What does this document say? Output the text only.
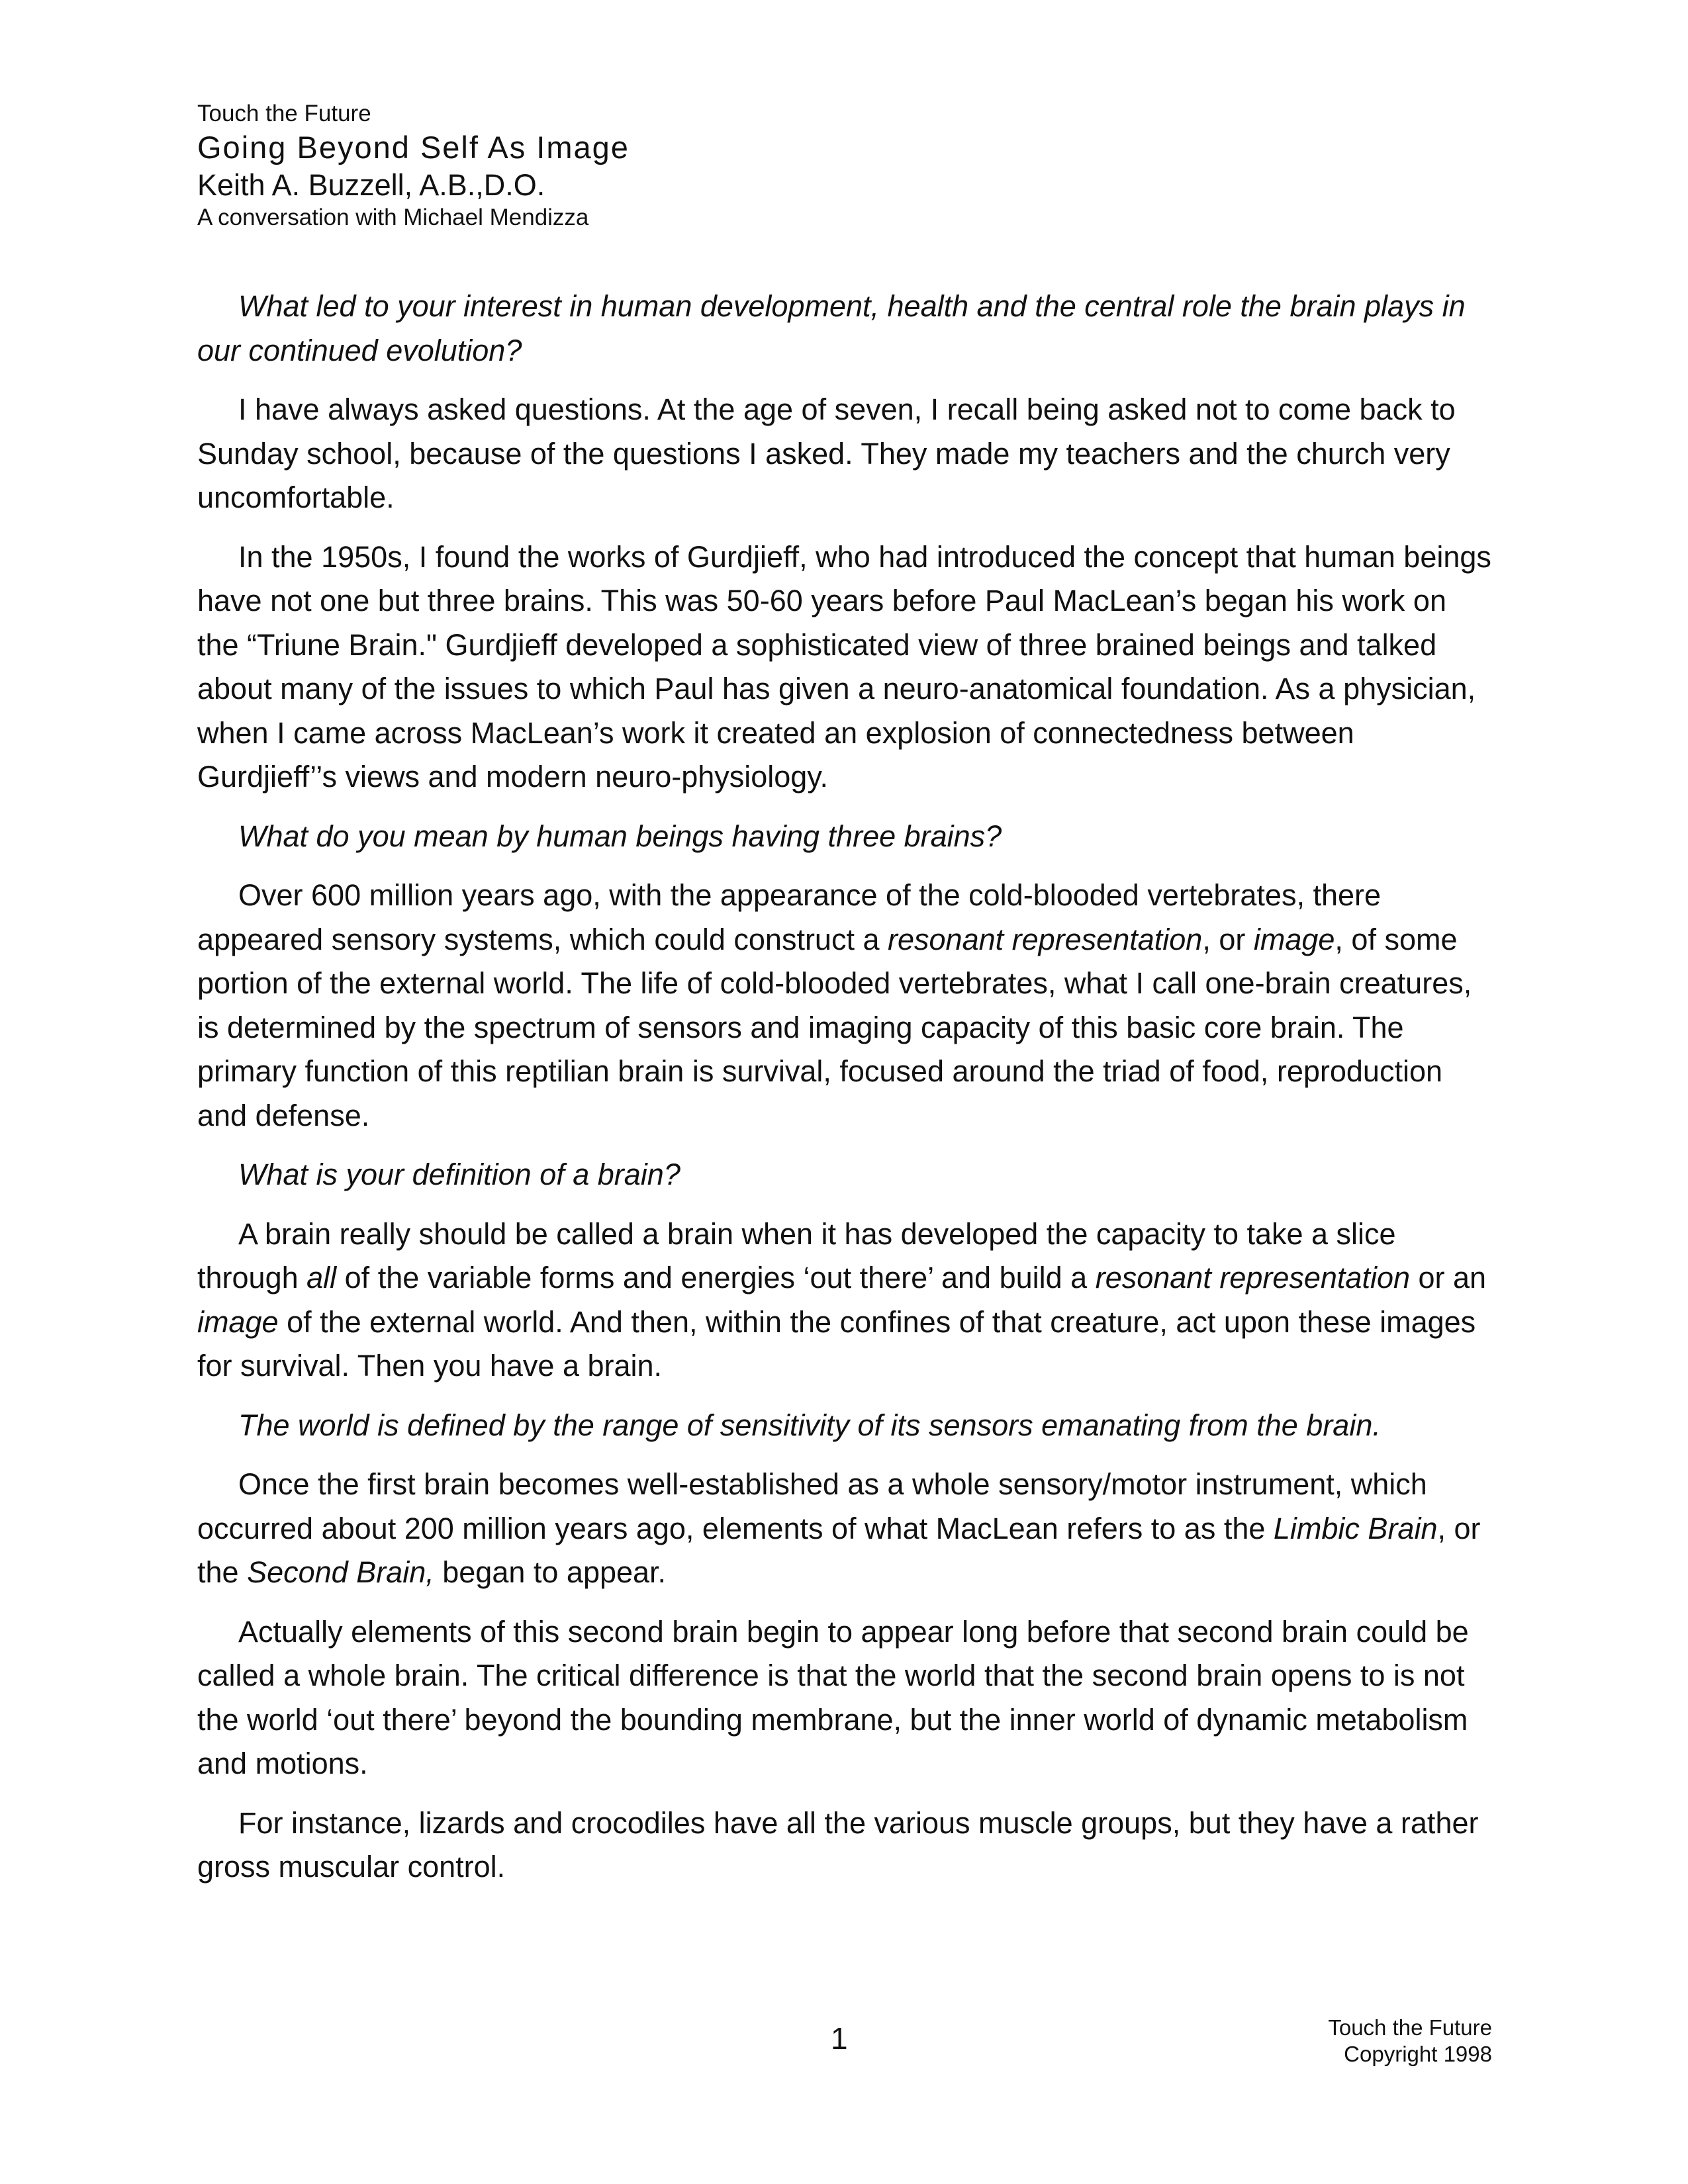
Touch the Future
Going Beyond Self As Image
Keith A. Buzzell, A.B.,D.O.
A conversation with Michael Mendizza

What led to your interest in human development, health and the central role the brain plays in our continued evolution?

I have always asked questions. At the age of seven, I recall being asked not to come back to Sunday school, because of the questions I asked. They made my teachers and the church very uncomfortable.

In the 1950s, I found the works of Gurdjieff, who had introduced the concept that human beings have not one but three brains. This was 50-60 years before Paul MacLean’s began his work on the “Triune Brain." Gurdjieff developed a sophisticated view of three brained beings and talked about many of the issues to which Paul has given a neuro-anatomical foundation. As a physician, when I came across MacLean’s work it created an explosion of connectedness between Gurdjieff’’s views and modern neuro-physiology.

What do you mean by human beings having three brains?

Over 600 million years ago, with the appearance of the cold-blooded vertebrates, there appeared sensory systems, which could construct a resonant representation, or image, of some portion of the external world. The life of cold-blooded vertebrates, what I call one-brain creatures, is determined by the spectrum of sensors and imaging capacity of this basic core brain. The primary function of this reptilian brain is survival, focused around the triad of food, reproduction and defense.

What is your definition of a brain?

A brain really should be called a brain when it has developed the capacity to take a slice through all of the variable forms and energies ‘out there’ and build a resonant representation or an image of the external world. And then, within the confines of that creature, act upon these images for survival. Then you have a brain.

The world is defined by the range of sensitivity of its sensors emanating from the brain.

Once the first brain becomes well-established as a whole sensory/motor instrument, which occurred about 200 million years ago, elements of what MacLean refers to as the Limbic Brain, or the Second Brain, began to appear.

Actually elements of this second brain begin to appear long before that second brain could be called a whole brain. The critical difference is that the world that the second brain opens to is not the world ‘out there’ beyond the bounding membrane, but the inner world of dynamic metabolism and motions.

For instance, lizards and crocodiles have all the various muscle groups, but they have a rather gross muscular control.

1	Touch the Future
Copyright 1998
